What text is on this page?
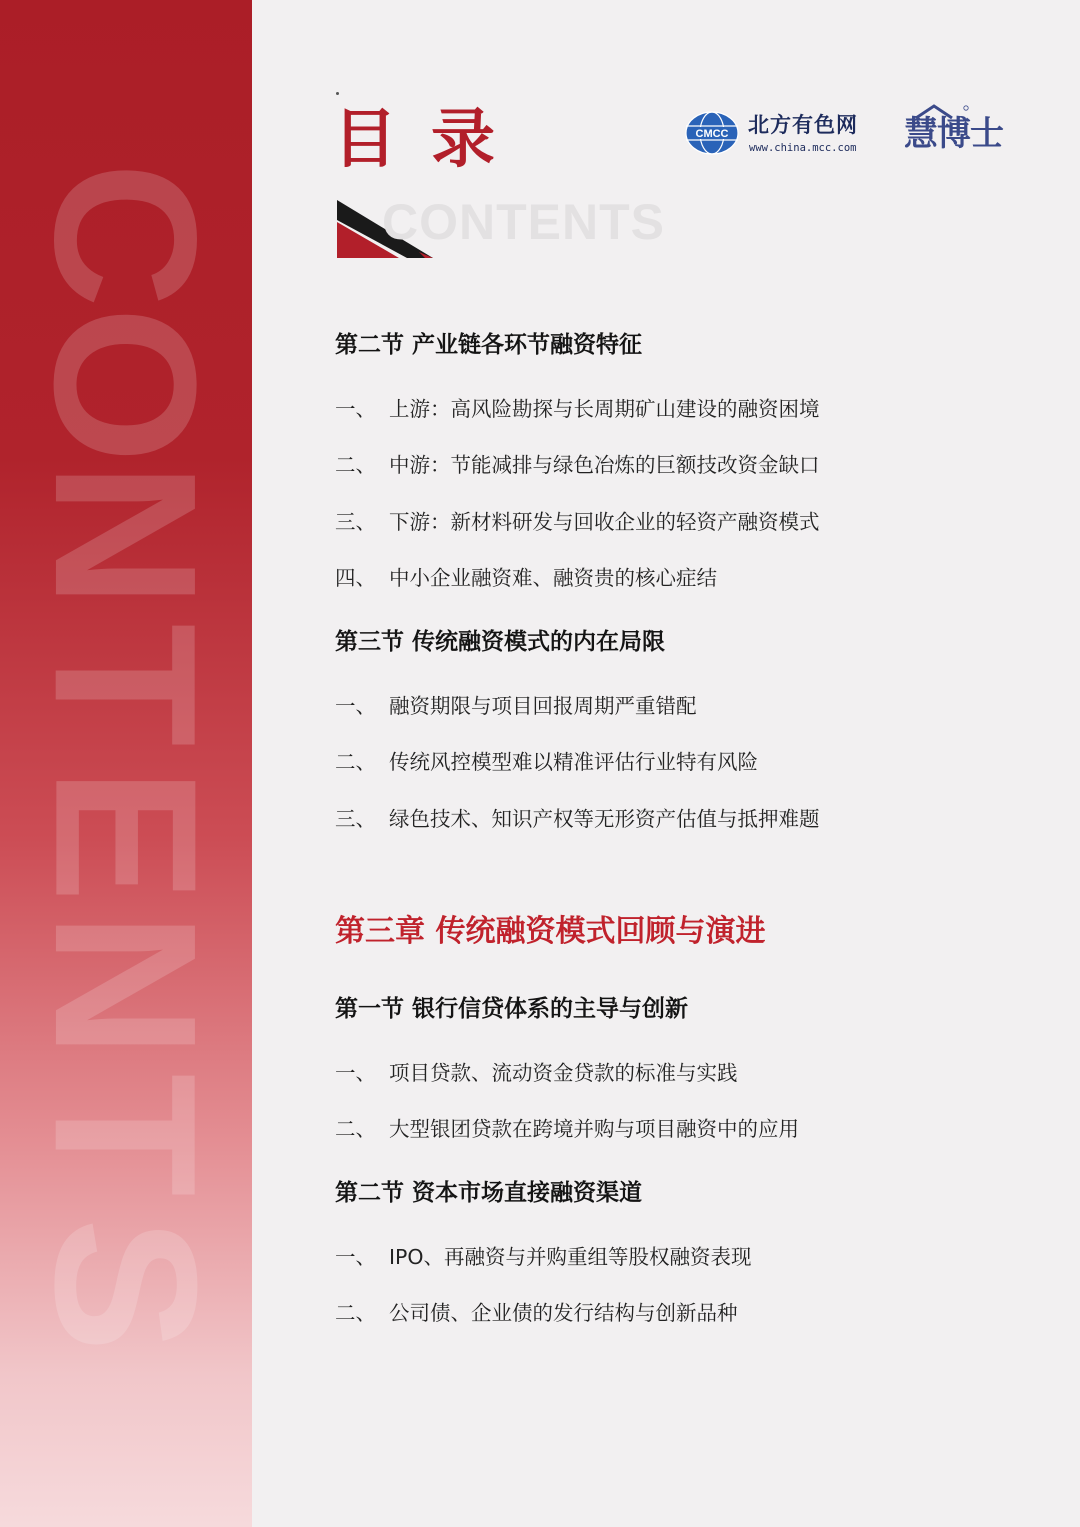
C
O
N
T
E
N
T
S
目录
CONTENTS
CMCC 北方有色网
www.china.mcc.com 慧博士
第二节 产业链各环节融资特征
一、 上游：高风险勘探与长周期矿山建设的融资困境
二、 中游：节能减排与绿色冶炼的巨额技改资金缺口
三、 下游：新材料研发与回收企业的轻资产融资模式
四、 中小企业融资难、融资贵的核心症结
第三节 传统融资模式的内在局限
一、 融资期限与项目回报周期严重错配
二、 传统风控模型难以精准评估行业特有风险
三、 绿色技术、知识产权等无形资产估值与抵押难题
第三章 传统融资模式回顾与演进
第一节 银行信贷体系的主导与创新
一、 项目贷款、流动资金贷款的标准与实践
二、 大型银团贷款在跨境并购与项目融资中的应用
第二节 资本市场直接融资渠道
一、 IPO、再融资与并购重组等股权融资表现
二、 公司债、企业债的发行结构与创新品种
